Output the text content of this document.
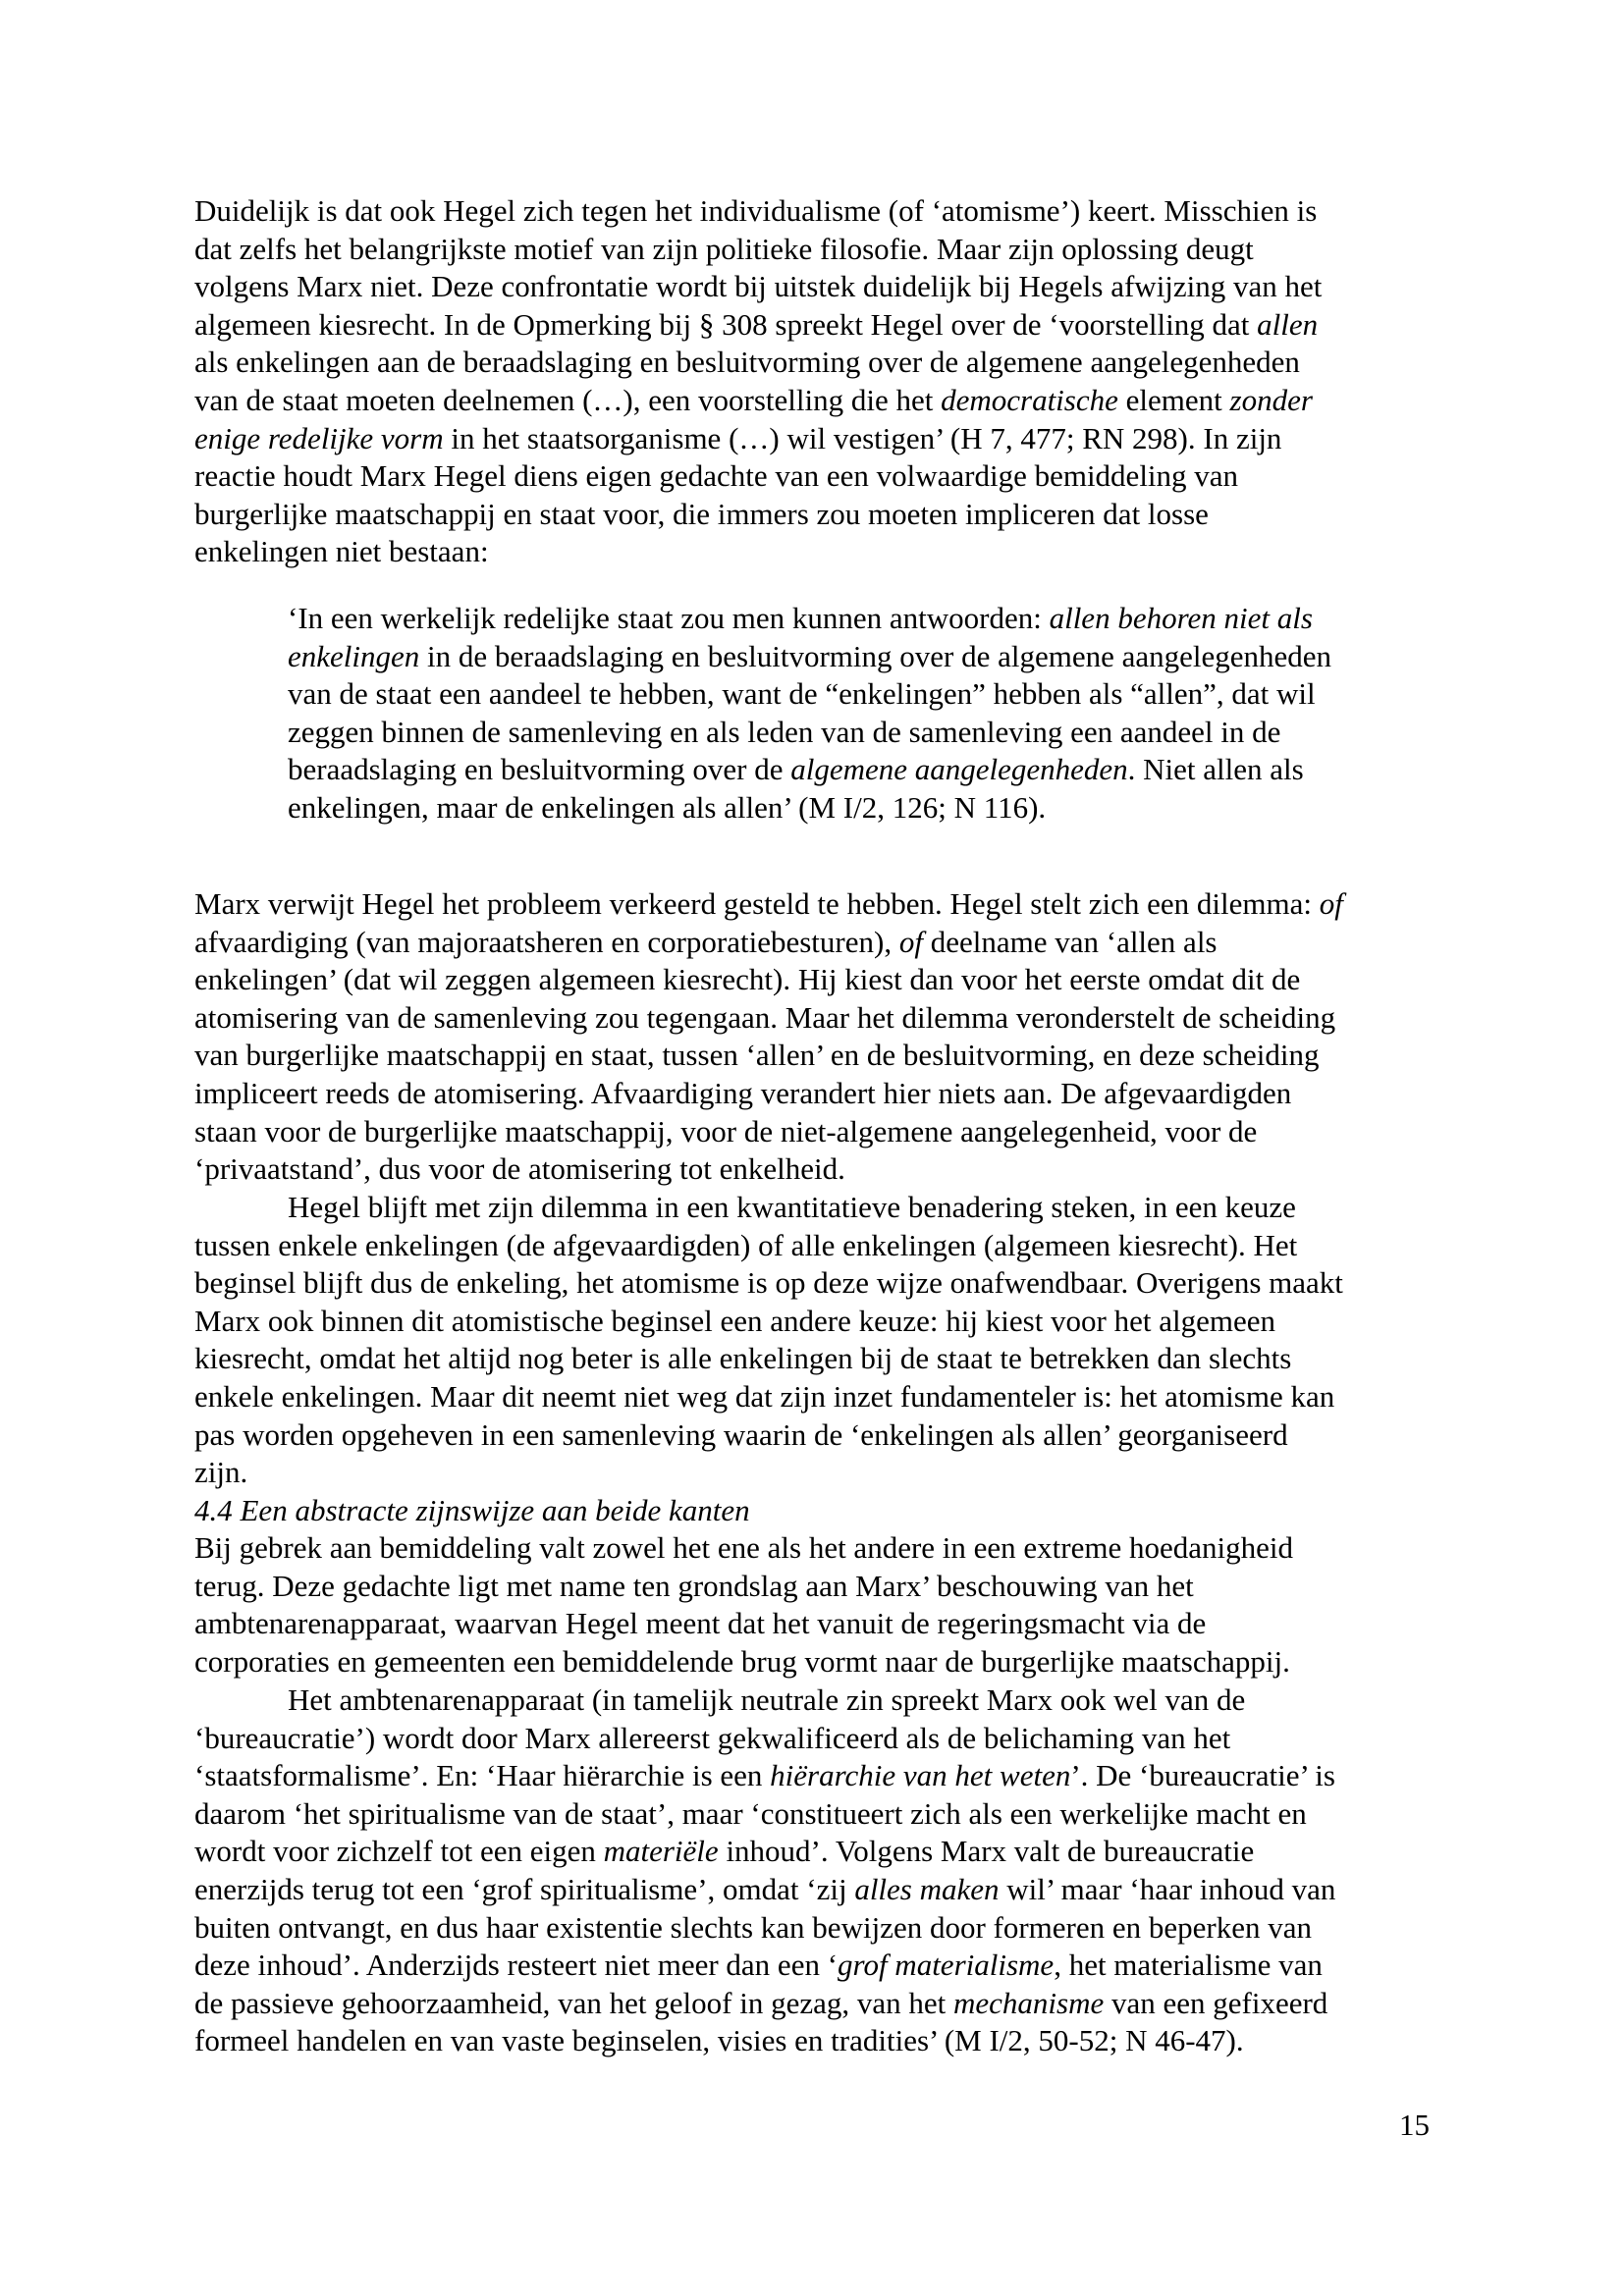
Duidelijk is dat ook Hegel zich tegen het individualisme (of ‘atomisme’) keert. Misschien is
dat zelfs het belangrijkste motief van zijn politieke filosofie. Maar zijn oplossing deugt
volgens Marx niet. Deze confrontatie wordt bij uitstek duidelijk bij Hegels afwijzing van het
algemeen kiesrecht. In de Opmerking bij § 308 spreekt Hegel over de ‘voorstelling dat allen
als enkelingen aan de beraadslaging en besluitvorming over de algemene aangelegenheden
van de staat moeten deelnemen (…), een voorstelling die het democratische element zonder
enige redelijke vorm in het staatsorganisme (…) wil vestigen’ (H 7, 477; RN 298). In zijn
reactie houdt Marx Hegel diens eigen gedachte van een volwaardige bemiddeling van
burgerlijke maatschappij en staat voor, die immers zou moeten impliceren dat losse
enkelingen niet bestaan:
‘In een werkelijk redelijke staat zou men kunnen antwoorden: allen behoren niet als
enkelingen in de beraadslaging en besluitvorming over de algemene aangelegenheden
van de staat een aandeel te hebben, want de “enkelingen” hebben als “allen”, dat wil
zeggen binnen de samenleving en als leden van de samenleving een aandeel in de
beraadslaging en besluitvorming over de algemene aangelegenheden. Niet allen als
enkelingen, maar de enkelingen als allen’ (M I/2, 126; N 116).
Marx verwijt Hegel het probleem verkeerd gesteld te hebben. Hegel stelt zich een dilemma: of
afvaardiging (van majoraatsheren en corporatiebesturen), of deelname van ‘allen als
enkelingen’ (dat wil zeggen algemeen kiesrecht). Hij kiest dan voor het eerste omdat dit de
atomisering van de samenleving zou tegengaan. Maar het dilemma veronderstelt de scheiding
van burgerlijke maatschappij en staat, tussen ‘allen’ en de besluitvorming, en deze scheiding
impliceert reeds de atomisering. Afvaardiging verandert hier niets aan. De afgevaardigden
staan voor de burgerlijke maatschappij, voor de niet-algemene aangelegenheid, voor de
‘privaatstand’, dus voor de atomisering tot enkelheid.
Hegel blijft met zijn dilemma in een kwantitatieve benadering steken, in een keuze
tussen enkele enkelingen (de afgevaardigden) of alle enkelingen (algemeen kiesrecht). Het
beginsel blijft dus de enkeling, het atomisme is op deze wijze onafwendbaar. Overigens maakt
Marx ook binnen dit atomistische beginsel een andere keuze: hij kiest voor het algemeen
kiesrecht, omdat het altijd nog beter is alle enkelingen bij de staat te betrekken dan slechts
enkele enkelingen. Maar dit neemt niet weg dat zijn inzet fundamenteler is: het atomisme kan
pas worden opgeheven in een samenleving waarin de ‘enkelingen als allen’ georganiseerd
zijn.
4.4 Een abstracte zijnswijze aan beide kanten
Bij gebrek aan bemiddeling valt zowel het ene als het andere in een extreme hoedanigheid
terug. Deze gedachte ligt met name ten grondslag aan Marx’ beschouwing van het
ambtenarenapparaat, waarvan Hegel meent dat het vanuit de regeringsmacht via de
corporaties en gemeenten een bemiddelende brug vormt naar de burgerlijke maatschappij.
Het ambtenarenapparaat (in tamelijk neutrale zin spreekt Marx ook wel van de
‘bureaucratie’) wordt door Marx allereerst gekwalificeerd als de belichaming van het
‘staatsformalisme’. En: ‘Haar hiërarchie is een hiërarchie van het weten’. De ‘bureaucratie’ is
daarom ‘het spiritualisme van de staat’, maar ‘constitueert zich als een werkelijke macht en
wordt voor zichzelf tot een eigen materiële inhoud’. Volgens Marx valt de bureaucratie
enerzijds terug tot een ‘grof spiritualisme’, omdat ‘zij alles maken wil’ maar ‘haar inhoud van
buiten ontvangt, en dus haar existentie slechts kan bewijzen door formeren en beperken van
deze inhoud’. Anderzijds resteert niet meer dan een ‘grof materialisme, het materialisme van
de passieve gehoorzaamheid, van het geloof in gezag, van het mechanisme van een gefixeerd
formeel handelen en van vaste beginselen, visies en tradities’ (M I/2, 50-52; N 46-47).
15
